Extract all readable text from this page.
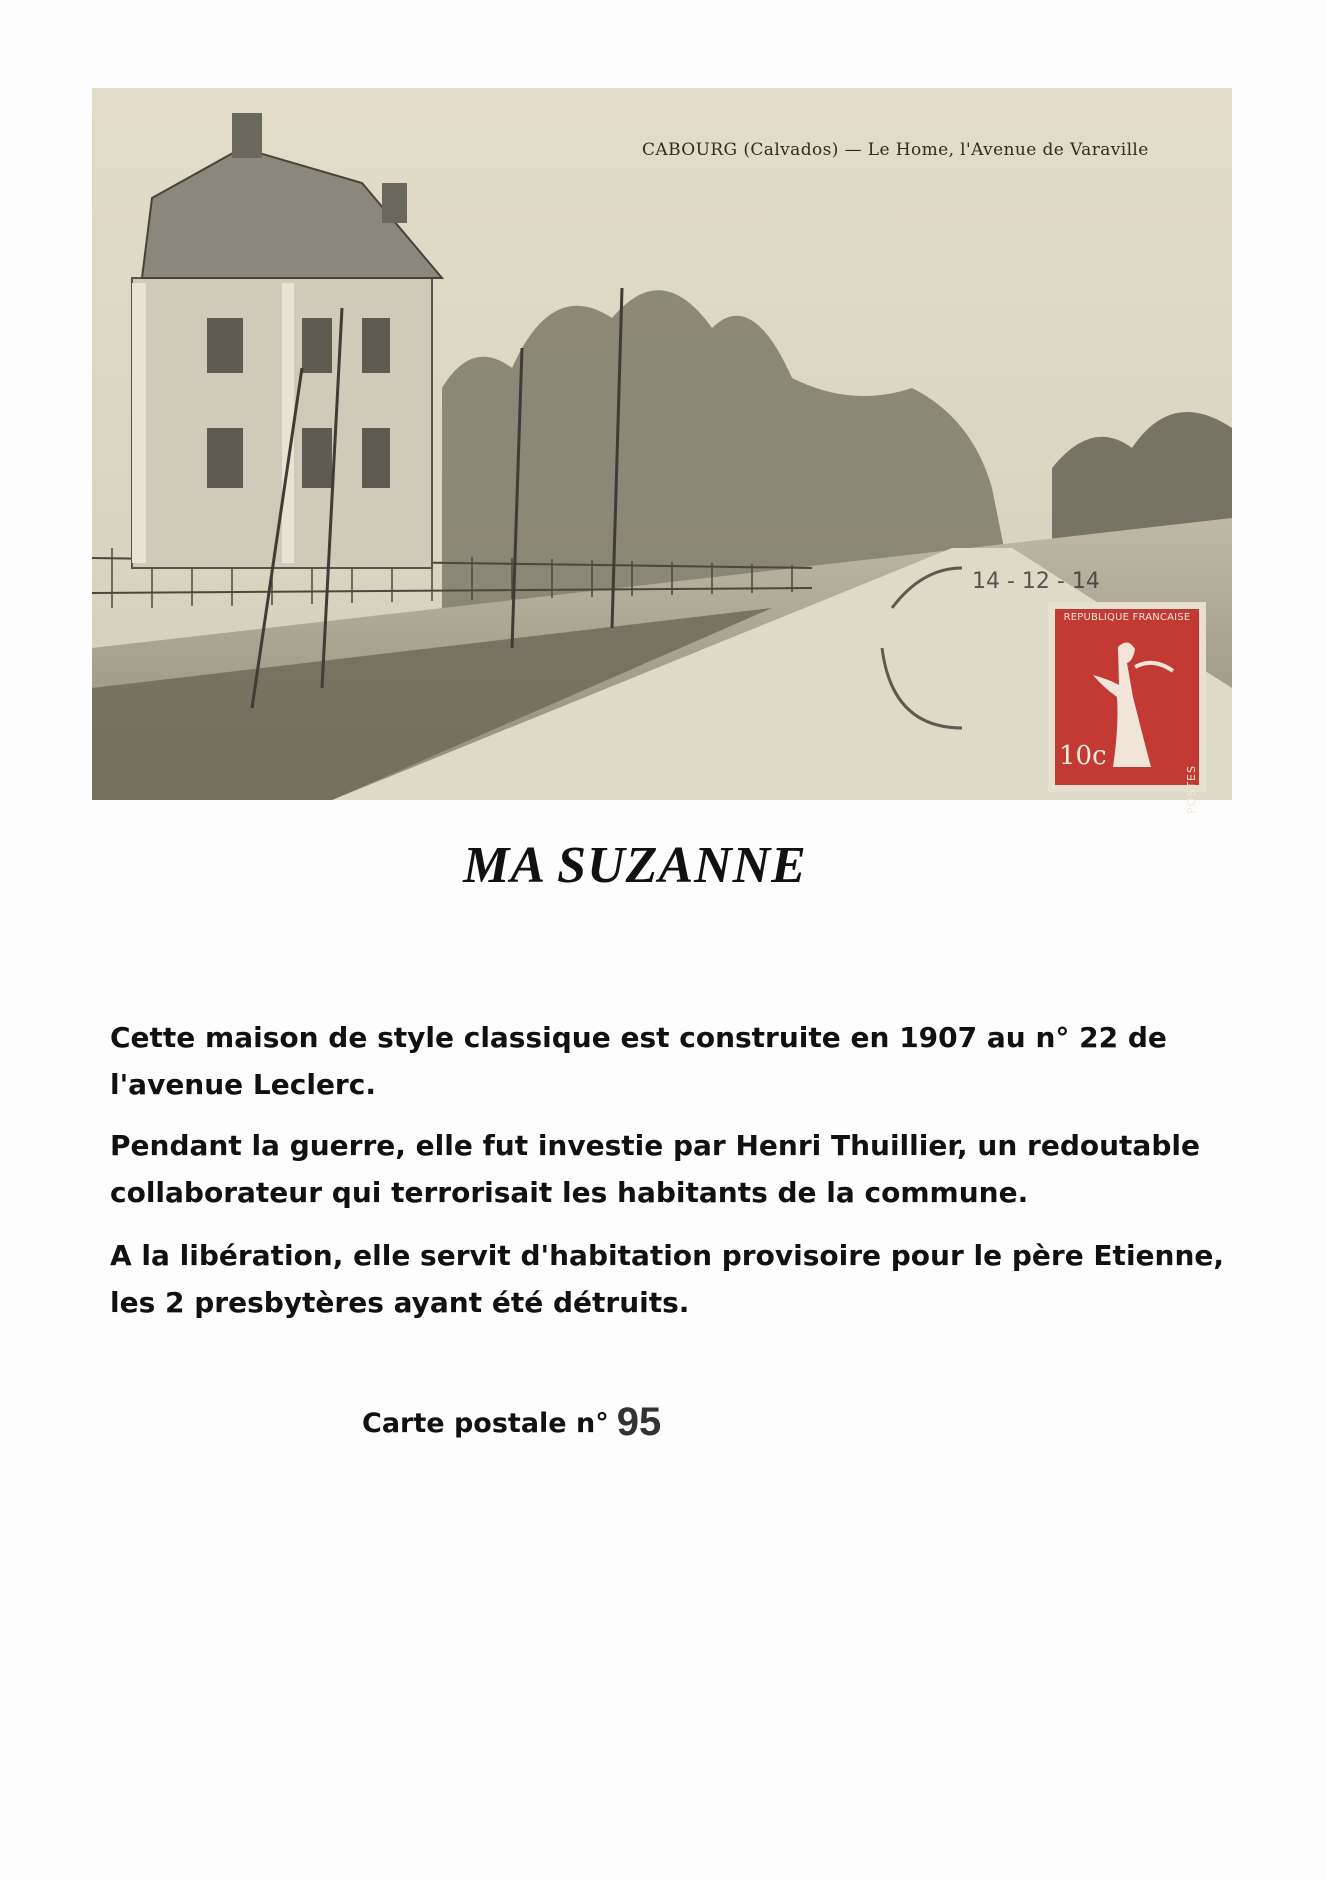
14 - 12 - 14
CABOURG (Calvados) — Le Home, l'Avenue de Varaville
REPUBLIQUE FRANCAISE
10c
POSTES
MA SUZANNE

Cette maison de style classique est construite en 1907 au n° 22 de l'avenue Leclerc.

Pendant la guerre, elle fut investie par Henri Thuillier, un redoutable collaborateur qui terrorisait les habitants de la commune.

A la libération, elle servit d'habitation provisoire pour le père Etienne, les 2 presbytères ayant été détruits.

Carte postale n° 95
